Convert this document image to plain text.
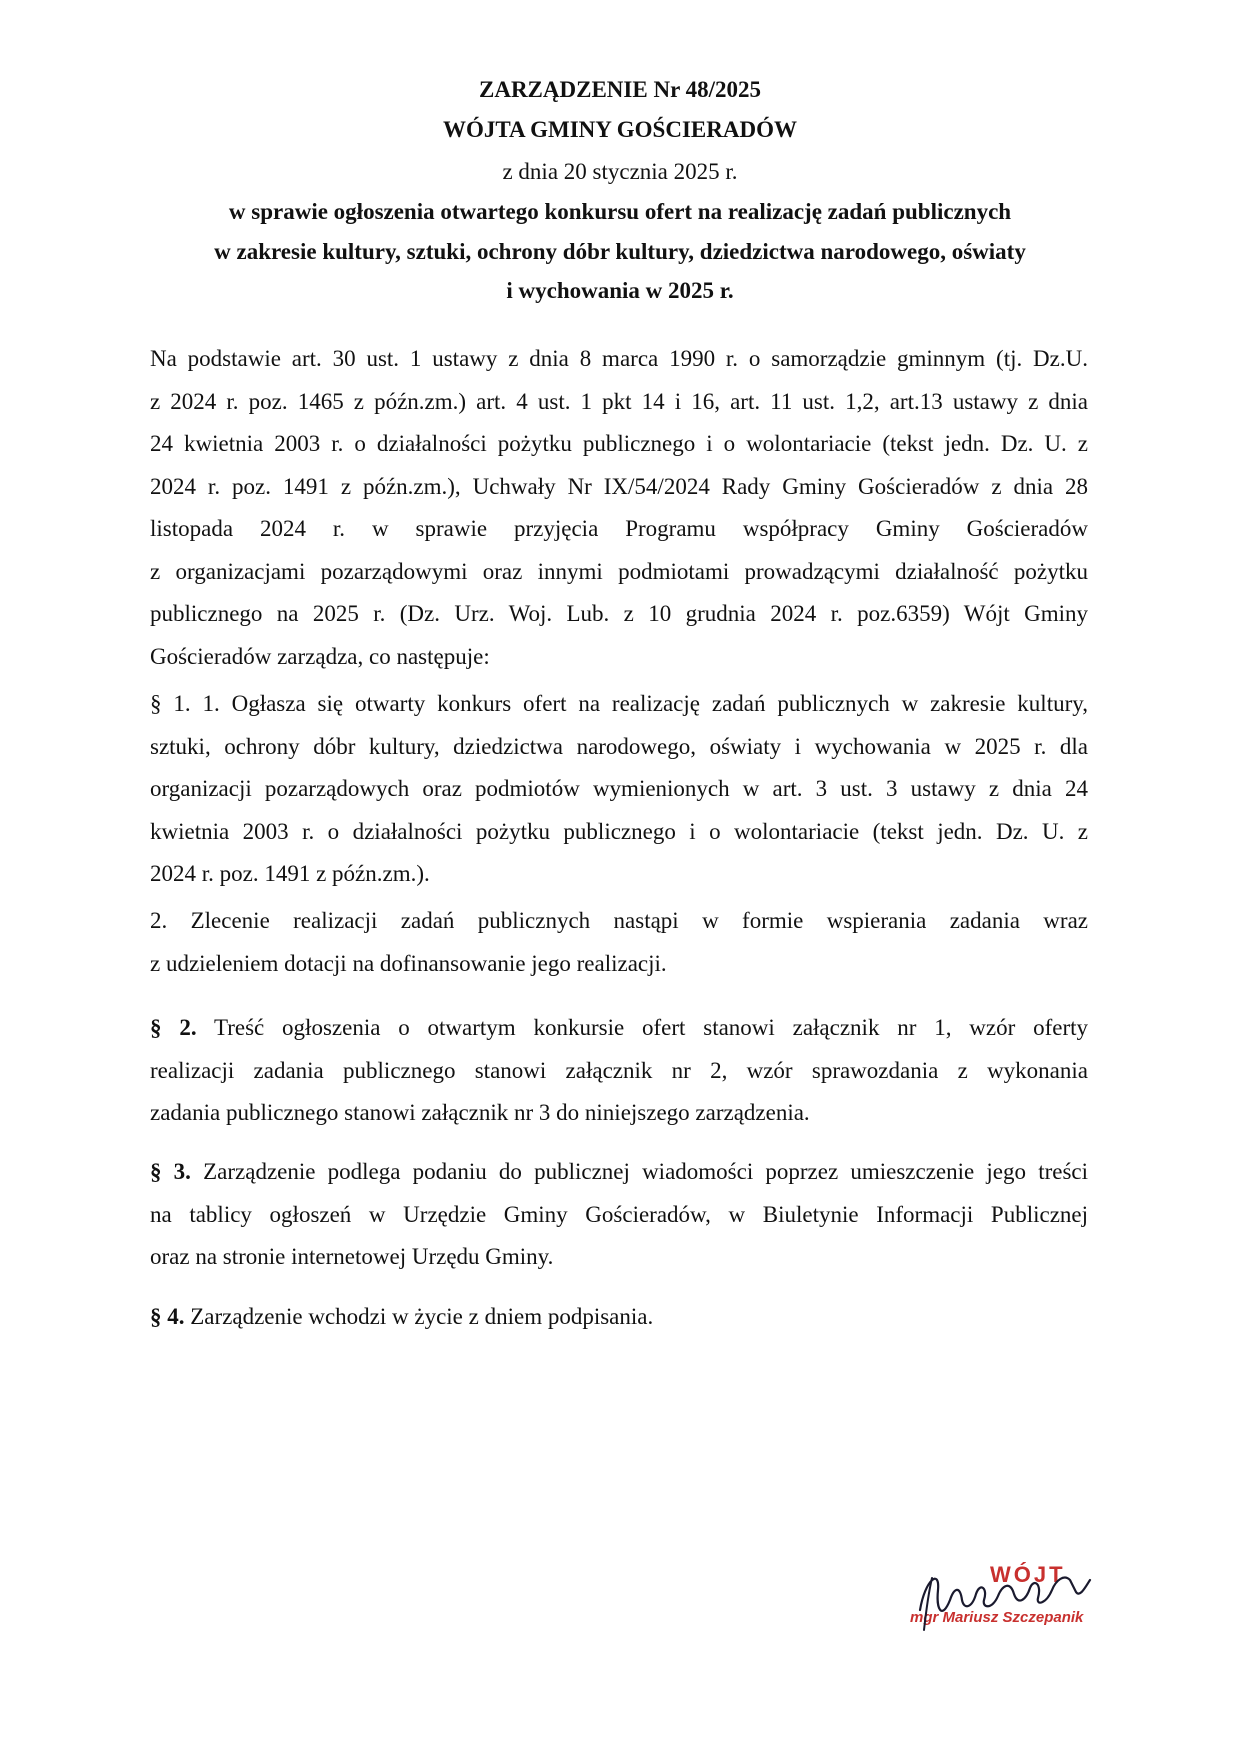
ZARZĄDZENIE Nr 48/2025
WÓJTA GMINY GOŚCIERADÓW
z dnia 20 stycznia 2025 r.
w sprawie ogłoszenia otwartego konkursu ofert na realizację zadań publicznych
w zakresie kultury, sztuki, ochrony dóbr kultury, dziedzictwa narodowego, oświaty
i wychowania w 2025 r.
Na podstawie art. 30 ust. 1 ustawy z dnia 8 marca 1990 r. o samorządzie gminnym (tj. Dz.U.
z 2024 r. poz. 1465 z późn.zm.) art. 4 ust. 1 pkt 14 i 16, art. 11 ust. 1,2, art.13 ustawy z dnia
24 kwietnia 2003 r. o działalności pożytku publicznego i o wolontariacie (tekst jedn. Dz. U. z
2024 r. poz. 1491 z późn.zm.), Uchwały Nr IX/54/2024 Rady Gminy Gościeradów z dnia 28
listopada 2024 r. w sprawie przyjęcia Programu współpracy Gminy Gościeradów
z organizacjami pozarządowymi oraz innymi podmiotami prowadzącymi działalność pożytku
publicznego na 2025 r. (Dz. Urz. Woj. Lub. z 10 grudnia 2024 r. poz.6359) Wójt Gminy
Gościeradów zarządza, co następuje:
§ 1. 1. Ogłasza się otwarty konkurs ofert na realizację zadań publicznych w zakresie kultury,
sztuki, ochrony dóbr kultury, dziedzictwa narodowego, oświaty i wychowania w 2025 r. dla
organizacji pozarządowych oraz podmiotów wymienionych w art. 3 ust. 3 ustawy z dnia 24
kwietnia 2003 r. o działalności pożytku publicznego i o wolontariacie (tekst jedn. Dz. U. z
2024 r. poz. 1491 z późn.zm.).
2. Zlecenie realizacji zadań publicznych nastąpi w formie wspierania zadania wraz
z udzieleniem dotacji na dofinansowanie jego realizacji.
§ 2. Treść ogłoszenia o otwartym konkursie ofert stanowi załącznik nr 1, wzór oferty
realizacji zadania publicznego stanowi załącznik nr 2, wzór sprawozdania z wykonania
zadania publicznego stanowi załącznik nr 3 do niniejszego zarządzenia.
§ 3. Zarządzenie podlega podaniu do publicznej wiadomości poprzez umieszczenie jego treści
na tablicy ogłoszeń w Urzędzie Gminy Gościeradów, w Biuletynie Informacji Publicznej
oraz na stronie internetowej Urzędu Gminy.
§ 4. Zarządzenie wchodzi w życie z dniem podpisania.
WÓJT
mgr Mariusz Szczepanik
